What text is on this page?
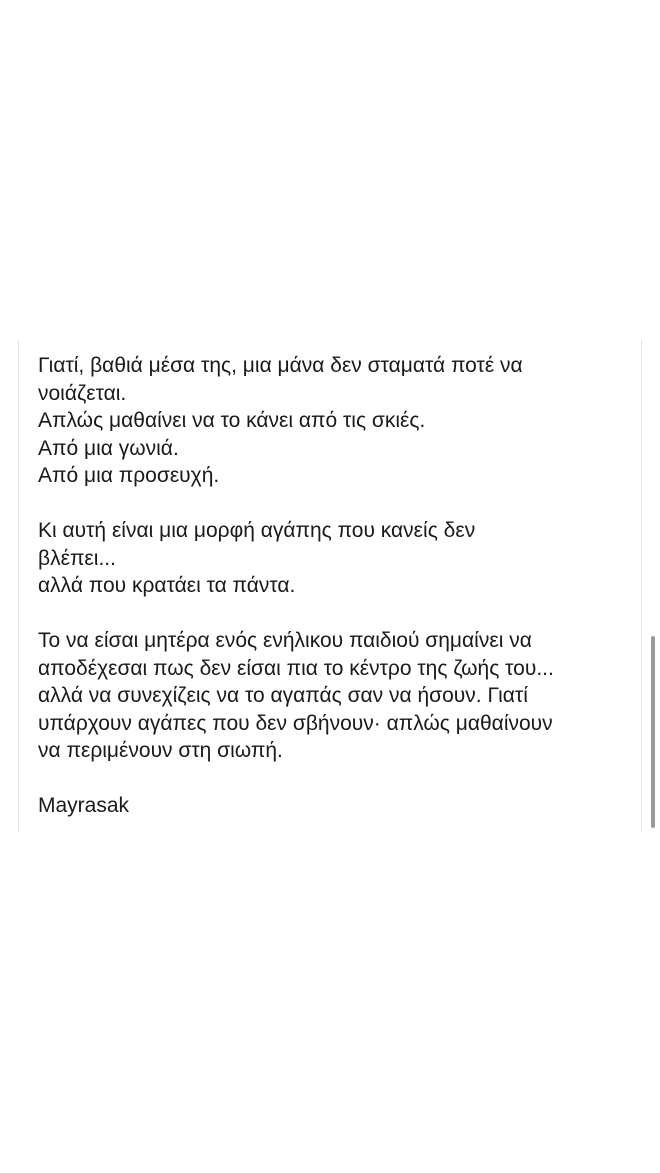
Γιατί, βαθιά μέσα της, μια μάνα δεν σταματά ποτέ να
νοιάζεται.
Απλώς μαθαίνει να το κάνει από τις σκιές.
Από μια γωνιά.
Από μια προσευχή.

Κι αυτή είναι μια μορφή αγάπης που κανείς δεν
βλέπει...
αλλά που κρατάει τα πάντα.

Το να είσαι μητέρα ενός ενήλικου παιδιού σημαίνει να
αποδέχεσαι πως δεν είσαι πια το κέντρο της ζωής του...
αλλά να συνεχίζεις να το αγαπάς σαν να ήσουν. Γιατί
υπάρχουν αγάπες που δεν σβήνουν· απλώς μαθαίνουν
να περιμένουν στη σιωπή.

Mayrasak
